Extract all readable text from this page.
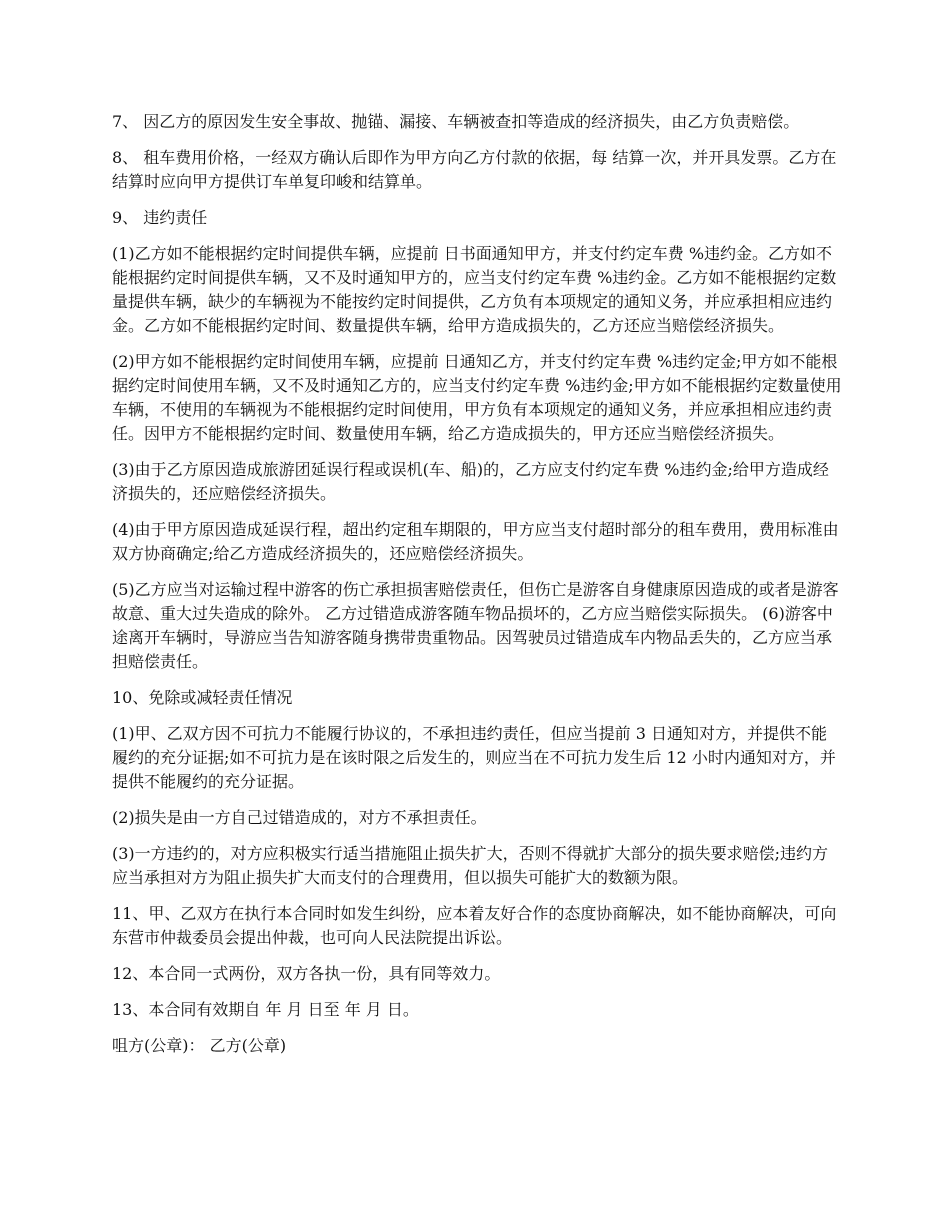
7、 因乙方的原因发生安全事故、抛锚、漏接、车辆被查扣等造成的经济损失，由乙方负责赔偿。

8、 租车费用价格，一经双方确认后即作为甲方向乙方付款的依据，每 结算一次，并开具发票。乙方在结算时应向甲方提供订车单复印峻和结算单。

9、 违约责任

(1)乙方如不能根据约定时间提供车辆，应提前 日书面通知甲方，并支付约定车费 %违约金。乙方如不能根据约定时间提供车辆，又不及时通知甲方的，应当支付约定车费 %违约金。乙方如不能根据约定数量提供车辆，缺少的车辆视为不能按约定时间提供，乙方负有本项规定的通知义务，并应承担相应违约金。乙方如不能根据约定时间、数量提供车辆，给甲方造成损失的，乙方还应当赔偿经济损失。

(2)甲方如不能根据约定时间使用车辆，应提前 日通知乙方，并支付约定车费 %违约定金;甲方如不能根据约定时间使用车辆，又不及时通知乙方的，应当支付约定车费 %违约金;甲方如不能根据约定数量使用车辆，不使用的车辆视为不能根据约定时间使用，甲方负有本项规定的通知义务，并应承担相应违约责任。因甲方不能根据约定时间、数量使用车辆，给乙方造成损失的，甲方还应当赔偿经济损失。

(3)由于乙方原因造成旅游团延误行程或误机(车、船)的，乙方应支付约定车费 %违约金;给甲方造成经济损失的，还应赔偿经济损失。

(4)由于甲方原因造成延误行程，超出约定租车期限的，甲方应当支付超时部分的租车费用，费用标准由双方协商确定;给乙方造成经济损失的，还应赔偿经济损失。

(5)乙方应当对运输过程中游客的伤亡承担损害赔偿责任，但伤亡是游客自身健康原因造成的或者是游客故意、重大过失造成的除外。 乙方过错造成游客随车物品损坏的，乙方应当赔偿实际损失。 (6)游客中途离开车辆时，导游应当告知游客随身携带贵重物品。因驾驶员过错造成车内物品丢失的，乙方应当承担赔偿责任。

10、免除或减轻责任情况

(1)甲、乙双方因不可抗力不能履行协议的，不承担违约责任，但应当提前 3 日通知对方，并提供不能履约的充分证据;如不可抗力是在该时限之后发生的，则应当在不可抗力发生后 12 小时内通知对方，并提供不能履约的充分证据。

(2)损失是由一方自己过错造成的，对方不承担责任。

(3)一方违约的，对方应积极实行适当措施阻止损失扩大，否则不得就扩大部分的损失要求赔偿;违约方应当承担对方为阻止损失扩大而支付的合理费用，但以损失可能扩大的数额为限。

11、甲、乙双方在执行本合同时如发生纠纷，应本着友好合作的态度协商解决，如不能协商解决，可向东营市仲裁委员会提出仲裁，也可向人民法院提出诉讼。

12、本合同一式两份，双方各执一份，具有同等效力。

13、本合同有效期自 年 月 日至 年 月 日。

咀方(公章)： 乙方(公章)
